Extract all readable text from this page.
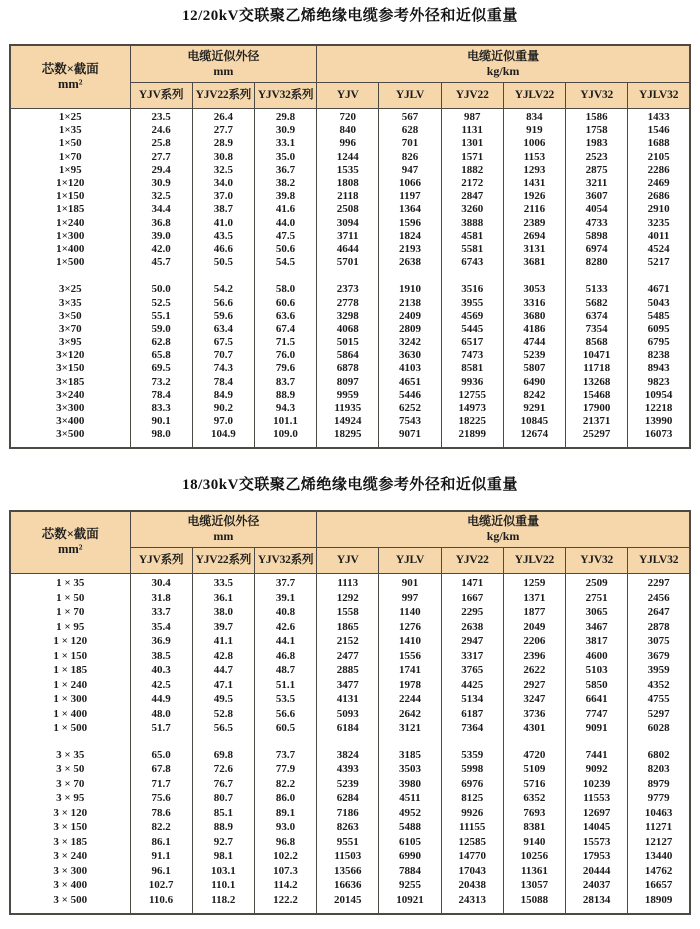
12/20kV交联聚乙烯绝缘电缆参考外径和近似重量
芯数×截面
mm²	电缆近似外径
mm			电缆近似重量
kg/km					

	YJV系列	YJV22系列	YJV32系列	YJV	YJLV	YJV22	YJLV22	YJV32	YJLV32

1×25	23.5	26.4	29.8	720	567	987	834	1586	1433
1×35	24.6	27.7	30.9	840	628	1131	919	1758	1546
1×50	25.8	28.9	33.1	996	701	1301	1006	1983	1688
1×70	27.7	30.8	35.0	1244	826	1571	1153	2523	2105
1×95	29.4	32.5	36.7	1535	947	1882	1293	2875	2286
1×120	30.9	34.0	38.2	1808	1066	2172	1431	3211	2469
1×150	32.5	37.0	39.8	2118	1197	2847	1926	3607	2686
1×185	34.4	38.7	41.6	2508	1364	3260	2116	4054	2910
1×240	36.8	41.0	44.0	3094	1596	3888	2389	4733	3235
1×300	39.0	43.5	47.5	3711	1824	4581	2694	5898	4011
1×400	42.0	46.6	50.6	4644	2193	5581	3131	6974	4524
1×500	45.7	50.5	54.5	5701	2638	6743	3681	8280	5217

3×25	50.0	54.2	58.0	2373	1910	3516	3053	5133	4671
3×35	52.5	56.6	60.6	2778	2138	3955	3316	5682	5043
3×50	55.1	59.6	63.6	3298	2409	4569	3680	6374	5485
3×70	59.0	63.4	67.4	4068	2809	5445	4186	7354	6095
3×95	62.8	67.5	71.5	5015	3242	6517	4744	8568	6795
3×120	65.8	70.7	76.0	5864	3630	7473	5239	10471	8238
3×150	69.5	74.3	79.6	6878	4103	8581	5807	11718	8943
3×185	73.2	78.4	83.7	8097	4651	9936	6490	13268	9823
3×240	78.4	84.9	88.9	9959	5446	12755	8242	15468	10954
3×300	83.3	90.2	94.3	11935	6252	14973	9291	17900	12218
3×400	90.1	97.0	101.1	14924	7543	18225	10845	21371	13990
3×500	98.0	104.9	109.0	18295	9071	21899	12674	25297	16073

18/30kV交联聚乙烯绝缘电缆参考外径和近似重量
芯数×截面
mm²	电缆近似外径
mm			电缆近似重量
kg/km					

	YJV系列	YJV22系列	YJV32系列	YJV	YJLV	YJV22	YJLV22	YJV32	YJLV32

1 × 35	30.4	33.5	37.7	1113	901	1471	1259	2509	2297
1 × 50	31.8	36.1	39.1	1292	997	1667	1371	2751	2456
1 × 70	33.7	38.0	40.8	1558	1140	2295	1877	3065	2647
1 × 95	35.4	39.7	42.6	1865	1276	2638	2049	3467	2878
1 × 120	36.9	41.1	44.1	2152	1410	2947	2206	3817	3075
1 × 150	38.5	42.8	46.8	2477	1556	3317	2396	4600	3679
1 × 185	40.3	44.7	48.7	2885	1741	3765	2622	5103	3959
1 × 240	42.5	47.1	51.1	3477	1978	4425	2927	5850	4352
1 × 300	44.9	49.5	53.5	4131	2244	5134	3247	6641	4755
1 × 400	48.0	52.8	56.6	5093	2642	6187	3736	7747	5297
1 × 500	51.7	56.5	60.5	6184	3121	7364	4301	9091	6028

3 × 35	65.0	69.8	73.7	3824	3185	5359	4720	7441	6802
3 × 50	67.8	72.6	77.9	4393	3503	5998	5109	9092	8203
3 × 70	71.7	76.7	82.2	5239	3980	6976	5716	10239	8979
3 × 95	75.6	80.7	86.0	6284	4511	8125	6352	11553	9779
3 × 120	78.6	85.1	89.1	7186	4952	9926	7693	12697	10463
3 × 150	82.2	88.9	93.0	8263	5488	11155	8381	14045	11271
3 × 185	86.1	92.7	96.8	9551	6105	12585	9140	15573	12127
3 × 240	91.1	98.1	102.2	11503	6990	14770	10256	17953	13440
3 × 300	96.1	103.1	107.3	13566	7884	17043	11361	20444	14762
3 × 400	102.7	110.1	114.2	16636	9255	20438	13057	24037	16657
3 × 500	110.6	118.2	122.2	20145	10921	24313	15088	28134	18909
